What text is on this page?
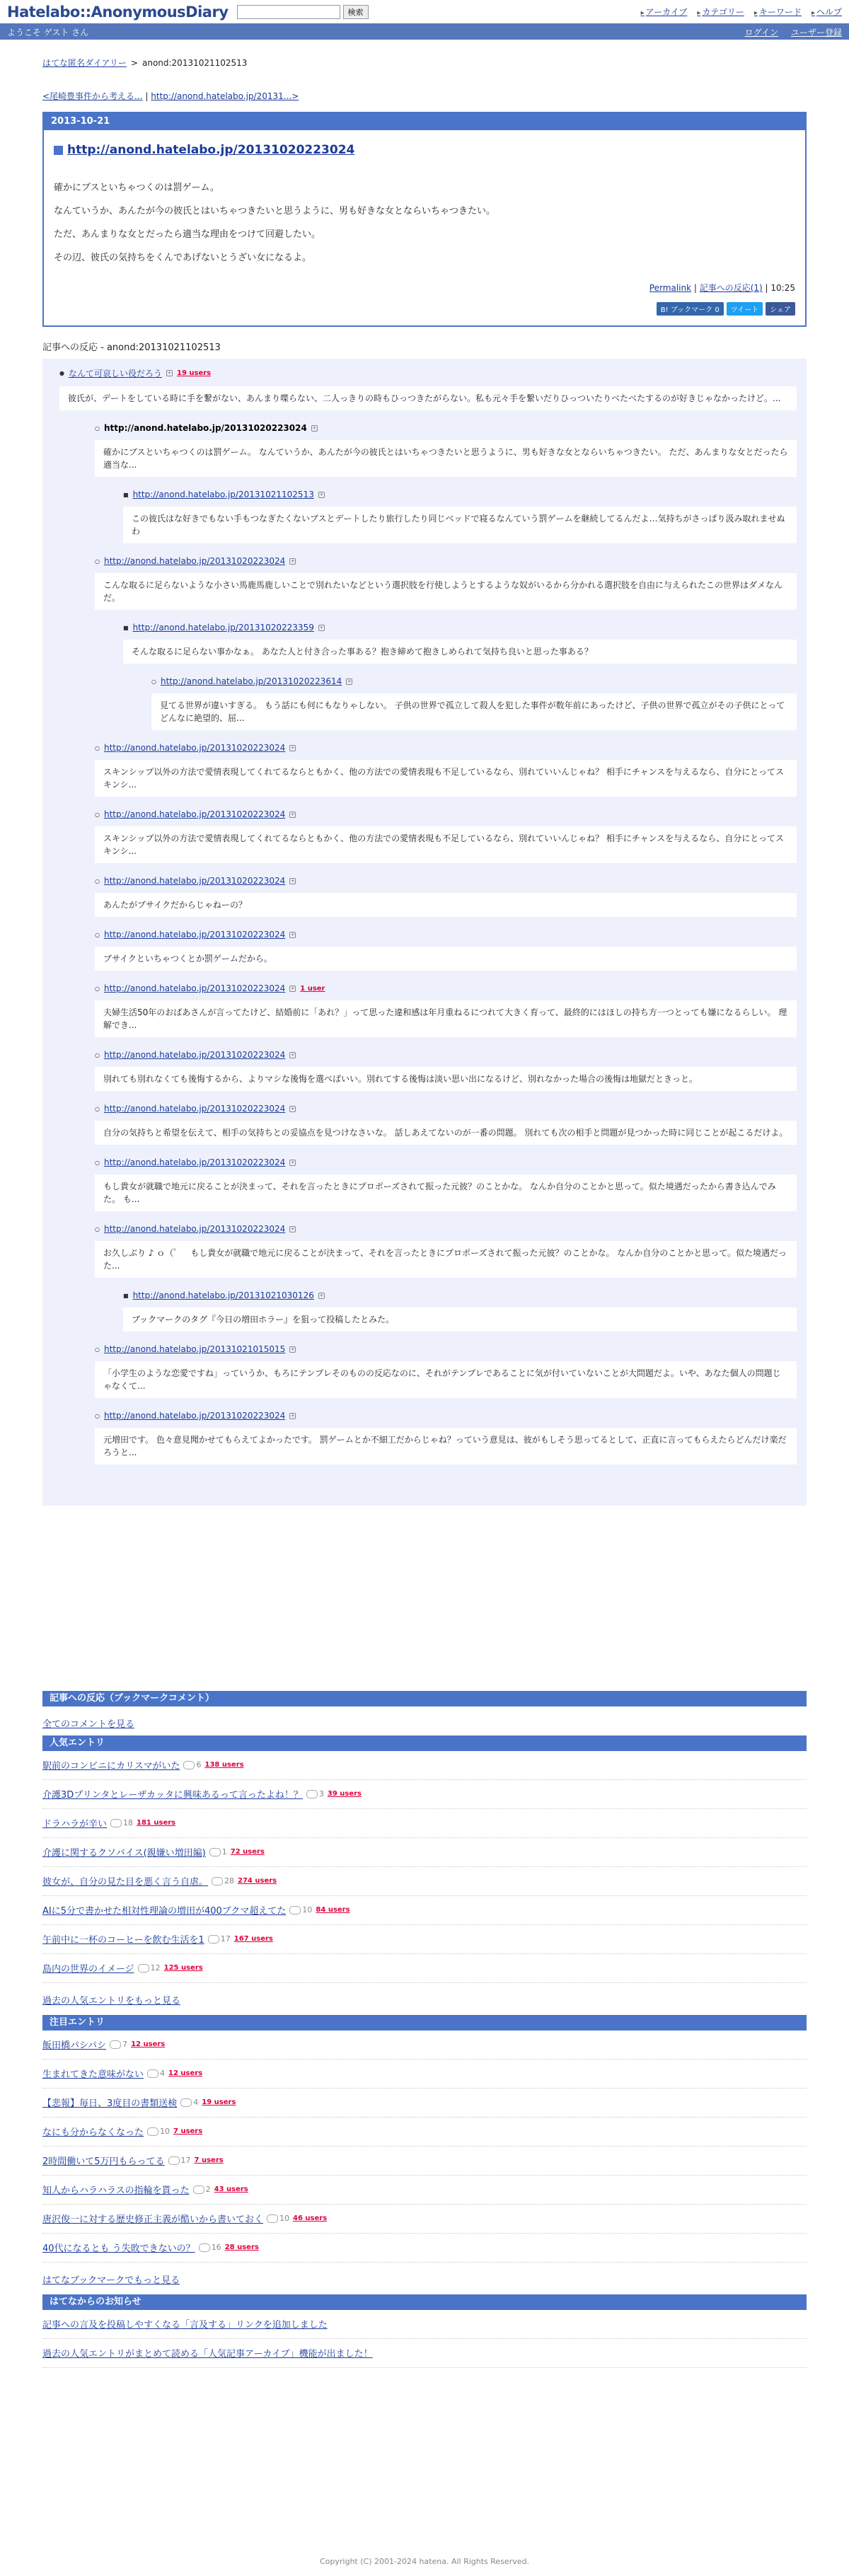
Hatelabo::AnonymousDiary	検索	▸ アーカイブ	▸ カテゴリー	▸ キーワード	▸ ヘルプ
ようこそ ゲスト さん	ログイン ユーザー登録
はてな匿名ダイアリー > anond:20131021102513
<尾崎豊事件から考える... | http://anond.hatelabo.jp/20131...>
2013-10-21
http://anond.hatelabo.jp/20131020223024

確かにブスといちゃつくのは罰ゲーム。

なんていうか、あんたが今の彼氏とはいちゃつきたいと思うように、男も好きな女とならいちゃつきたい。

ただ、あんまりな女とだったら適当な理由をつけて回避したい。

その辺、彼氏の気持ちをくんであげないとうざい女になるよ。

Permalink | 記事への反応(1) | 10:25
B! ブックマーク 0	ツイート	シェア
記事への反応 - anond:20131021102513
● なんて可哀しい役だろう + 19 users
彼氏が、デートをしている時に手を繋がない、あんまり喋らない、二人っきりの時もひっつきたがらない。私も元々手を繋いだりひっついたりベたベたするのが好きじゃなかったけど。...
○ http://anond.hatelabo.jp/20131020223024 +
確かにブスといちゃつくのは罰ゲーム。 なんていうか、あんたが今の彼氏とはいちゃつきたいと思うように、男も好きな女とならいちゃつきたい。 ただ、あんまりな女とだったら適当な...
■ http://anond.hatelabo.jp/20131021102513 +
この彼氏はな好きでもない手もつなぎたくないブスとデートしたり旅行したり同じベッドで寝るなんていう罰ゲームを継続してるんだよ…気持ちがさっぱり汲み取れませぬわ
○ http://anond.hatelabo.jp/20131020223024 +
こんな取るに足らないような小さい馬鹿馬鹿しいことで別れたいなどという選択肢を行使しようとするような奴がいるから分かれる選択肢を自由に与えられたこの世界はダメなんだ。
■ http://anond.hatelabo.jp/20131020223359 +
そんな取るに足らない事かなぁ。 あなた人と付き合った事ある？抱き締めて抱きしめられて気持ち良いと思った事ある？
○ http://anond.hatelabo.jp/20131020223614 +
見てる世界が違いすぎる。 もう話にも何にもなりゃしない。 子供の世界で孤立して殺人を犯した事件が数年前にあったけど、子供の世界で孤立がその子供にとってどんなに絶望的、屈...
○ http://anond.hatelabo.jp/20131020223024 +
スキンシップ以外の方法で愛情表現してくれてるならともかく、他の方法での愛情表現も不足しているなら、別れていいんじゃね？ 相手にチャンスを与えるなら、自分にとってスキンシ...
○ http://anond.hatelabo.jp/20131020223024 +
スキンシップ以外の方法で愛情表現してくれてるならともかく、他の方法での愛情表現も不足しているなら、別れていいんじゃね？ 相手にチャンスを与えるなら、自分にとってスキンシ...
○ http://anond.hatelabo.jp/20131020223024 +
あんたがブサイクだからじゃねーの？
○ http://anond.hatelabo.jp/20131020223024 +
ブサイクといちゃつくとか罰ゲームだから。
○ http://anond.hatelabo.jp/20131020223024 + 1 user
夫婦生活50年のおばあさんが言ってたけど、結婚前に「あれ？」って思った違和感は年月重ねるにつれて大きく育って、最終的にはほしの持ち方一つとっても嫌になるらしい。 理解でき...
○ http://anond.hatelabo.jp/20131020223024 +
別れても別れなくても後悔するから、よりマシな後悔を選べばいい。別れてする後悔は淡い思い出になるけど、別れなかった場合の後悔は地獄だときっと。
○ http://anond.hatelabo.jp/20131020223024 +
自分の気持ちと希望を伝えて、相手の気持ちとの妥協点を見つけなさいな。 話しあえてないのが一番の問題。 別れても次の相手と問題が見つかった時に同じことが起こるだけよ。
○ http://anond.hatelabo.jp/20131020223024 +
もし貴女が就職で地元に戻ることが決まって、それを言ったときにプロポーズされて振った元彼？のことかな。 なんか自分のことかと思って。似た境遇だったから書き込んでみた。 も...
○ http://anond.hatelabo.jp/20131020223024 +
お久しぶり ♪ ｏ（゜　もし貴女が就職で地元に戻ることが決まって、それを言ったときにプロポーズされて振った元彼？のことかな。 なんか自分のことかと思って。似た境遇だった...
■ http://anond.hatelabo.jp/20131021030126 +
ブックマークのタグ『今日の増田ホラー』を狙って投稿したとみた。
○ http://anond.hatelabo.jp/20131021015015 +
「小学生のような恋愛ですね」っていうか、もろにテンプレそのものの反応なのに、それがテンプレであることに気が付いていないことが大問題だよ。いや、あなた個人の問題じゃなくて...
○ http://anond.hatelabo.jp/20131020223024 +
元増田です。 色々意見聞かせてもらえてよかったです。 罰ゲームとか不細工だからじゃね？っていう意見は、彼がもしそう思ってるとして、正直に言ってもらえたらどんだけ楽だろうと...
記事への反応（ブックマークコメント）
全てのコメントを見る
人気エントリ
駅前のコンビニにカリスマがいた	6 138 users
介護3Dプリンタとレーザカッタに興味あるって言ったよね！？	3 39 users
ドラハラが辛い	18 181 users
介護に関するクソバイス(親嫌い増田編)	1 72 users
彼女が、自分の見た目を悪く言う自虐。	28 274 users
AIに5分で書かせた相対性理論の増田が400ブクマ超えてた	10 84 users
午前中に一杯のコーヒーを飲む生活を1	17 167 users
島内の世界のイメージ	12 125 users
過去の人気エントリをもっと見る
注目エントリ
飯田橋パシパシ	7 12 users
生まれてきた意味がない	4 12 users
【悲報】毎日、3度目の書類送検	4 19 users
なにも分からなくなった	10 7 users
2時間働いて5万円もらってる	17 7 users
知人からハラハラスの指輪を貰った	2 43 users
唐沢俊一に対する歴史修正主義が酷いから書いておく	10 46 users
40代になるとも う失敗できないの？	16 28 users
はてなブックマークでもっと見る
はてなからのお知らせ
記事への言及を投稿しやすくなる「言及する」リンクを追加しました
過去の人気エントリがまとめて読める「人気記事アーカイブ」機能が出ました！
Copyright (C) 2001-2024 hatena. All Rights Reserved.
